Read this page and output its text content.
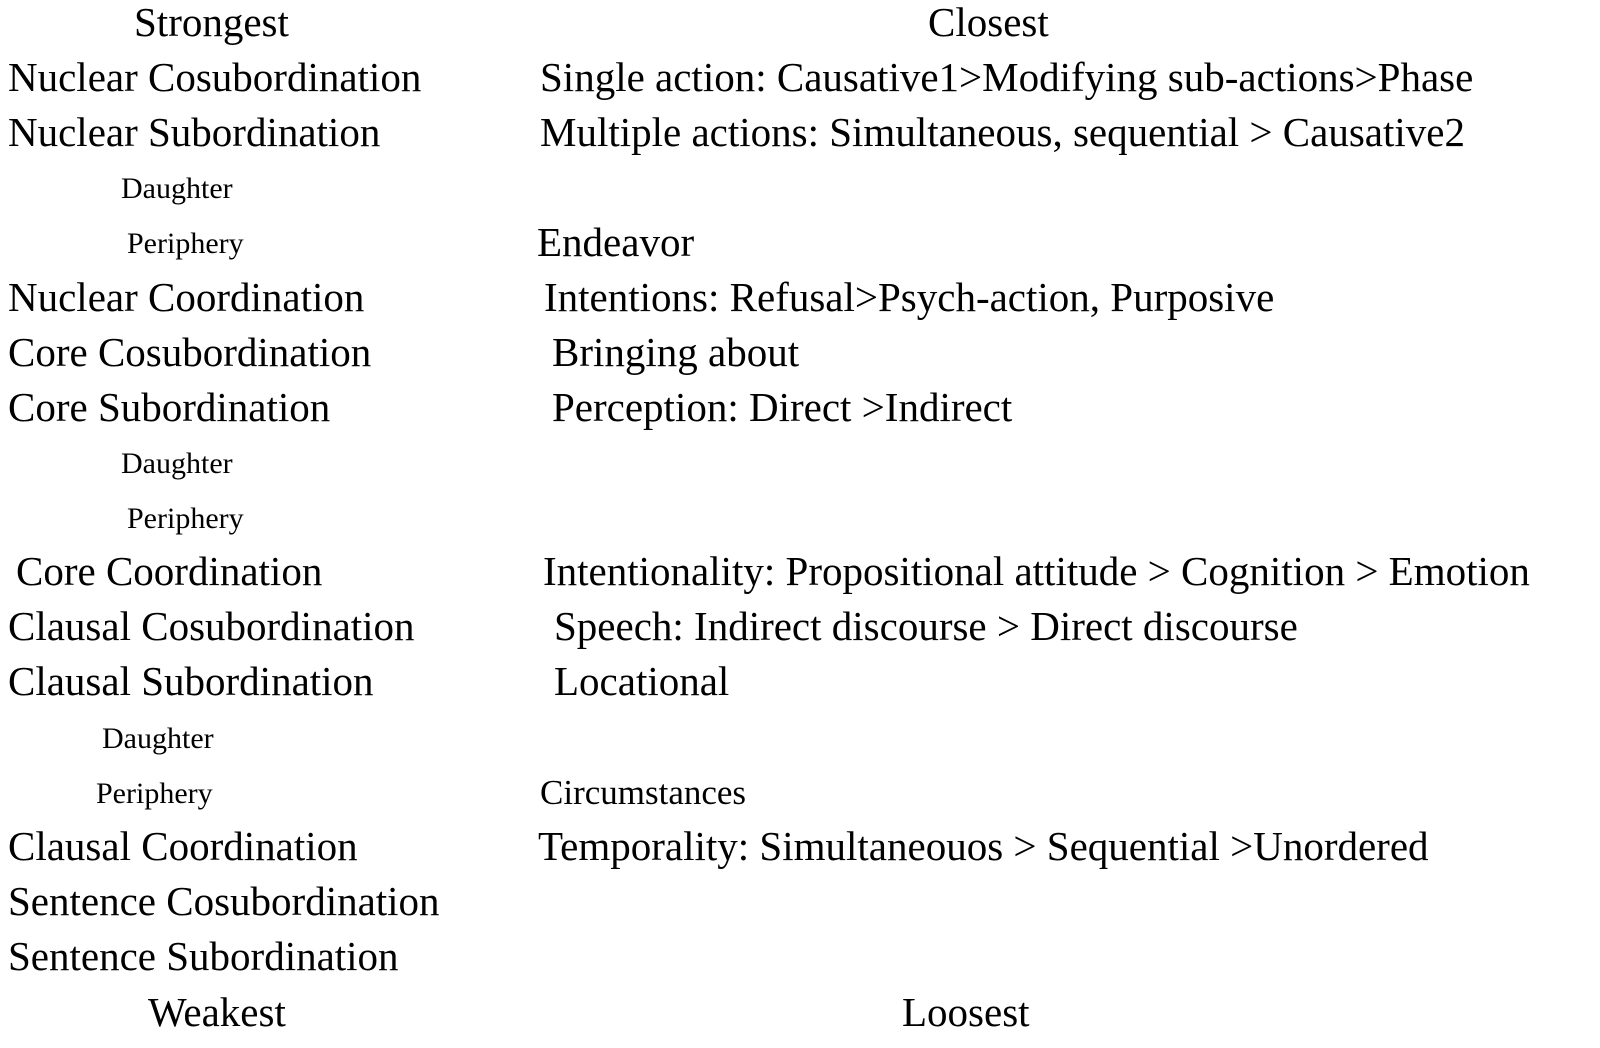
Strongest	Closest
Nuclear Cosubordination
Nuclear Subordination
Daughter
Periphery
Nuclear Coordination
Core Cosubordination
Core Subordination
Daughter
Periphery
Core Coordination
Clausal Cosubordination
Clausal Subordination
Daughter
Periphery
Clausal Coordination
Sentence Cosubordination
Sentence Subordination
Single action: Causative1>Modifying sub-actions>Phase
Multiple actions: Simultaneous, sequential > Causative2
Endeavor
Intentions: Refusal>Psych-action, Purposive
Bringing about
Perception: Direct >Indirect
Intentionality: Propositional attitude > Cognition > Emotion
Speech: Indirect discourse > Direct discourse
Locational
Circumstances
Temporality: Simultaneouos > Sequential >Unordered
Weakest	Loosest
